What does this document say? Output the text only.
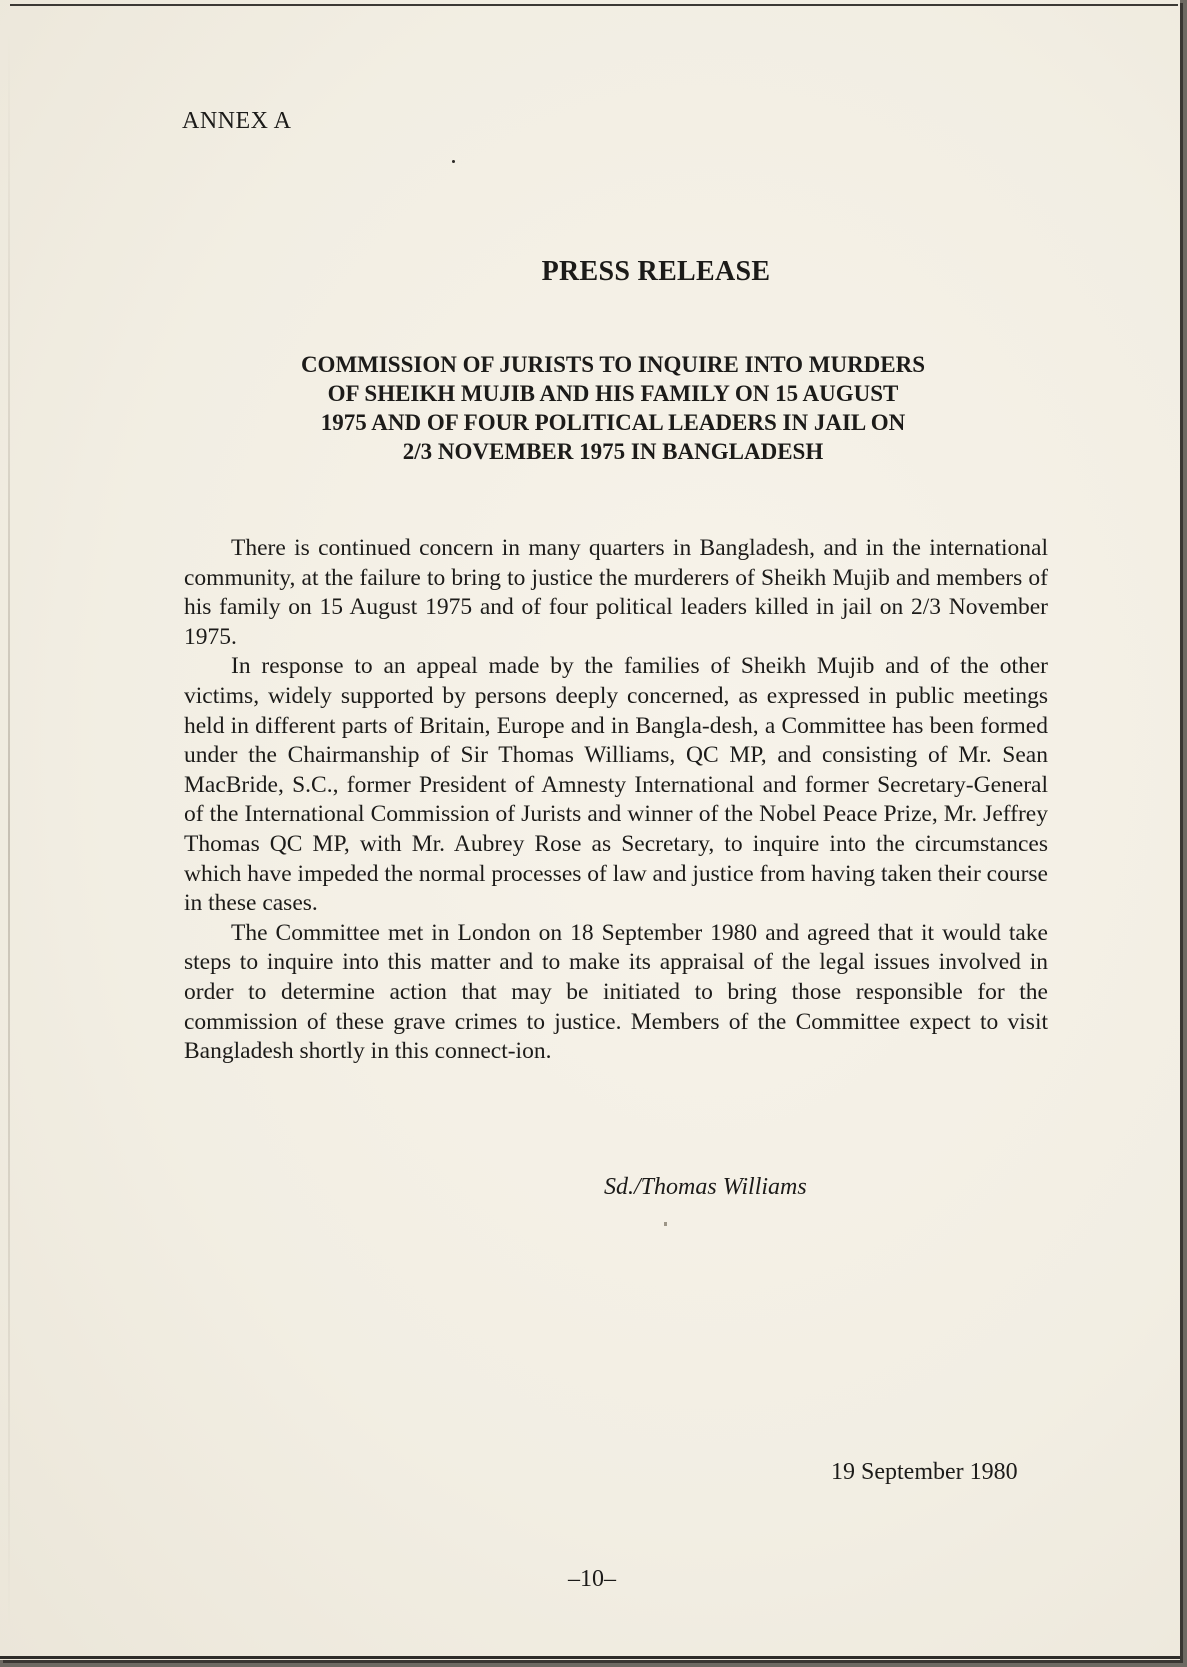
ANNEX A
PRESS RELEASE
COMMISSION OF JURISTS TO INQUIRE INTO MURDERS
OF SHEIKH MUJIB AND HIS FAMILY ON 15 AUGUST
1975 AND OF FOUR POLITICAL LEADERS IN JAIL ON
2/3 NOVEMBER 1975 IN BANGLADESH

There is continued concern in many quarters in Bangladesh, and in the international community, at the failure to bring to justice the murderers of Sheikh Mujib and members of his family on 15 August 1975 and of four political leaders killed in jail on 2/3 November 1975.

In response to an appeal made by the families of Sheikh Mujib and of the other victims, widely supported by persons deeply concerned, as expressed in public meetings held in different parts of Britain, Europe and in Bangla-desh, a Committee has been formed under the Chairmanship of Sir Thomas Williams, QC MP, and consisting of Mr. Sean MacBride, S.C., former President of Amnesty International and former Secretary-General of the International Commission of Jurists and winner of the Nobel Peace Prize, Mr. Jeffrey Thomas QC MP, with Mr. Aubrey Rose as Secretary, to inquire into the circumstances which have impeded the normal processes of law and justice from having taken their course in these cases.

The Committee met in London on 18 September 1980 and agreed that it would take steps to inquire into this matter and to make its appraisal of the legal issues involved in order to determine action that may be initiated to bring those responsible for the commission of these grave crimes to justice. Members of the Committee expect to visit Bangladesh shortly in this connect-ion.

Sd./Thomas Williams
19 September 1980
–10–
